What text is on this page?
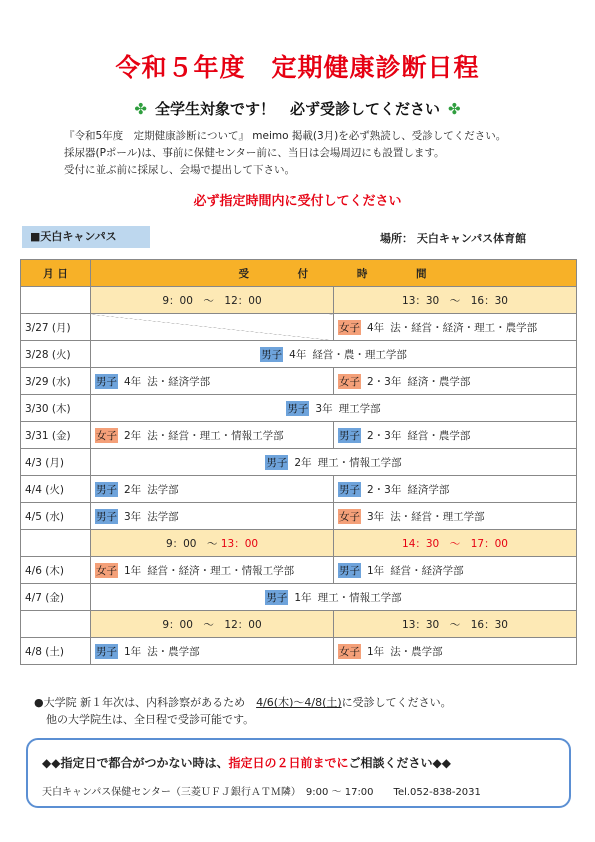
令和５年度　定期健康診断日程
✤ 全学生対象です！　必ず受診してください ✤
『令和5年度　定期健康診断について』 meimo 掲載(3月)を必ず熟読し、受診してください。
採尿器(Pポール)は、事前に保健センター前に、当日は会場周辺にも設置します。
受付に並ぶ前に採尿し、会場で提出して下さい。
必ず指定時間内に受付してください
■天白キャンパス	場所： 天白キャンパス体育館
月 日	受 付 時 間	

	9：00　～　12：00	13：30　～　16：30
3/27 (月)		女子 4年 法・経営・経済・理工・農学部
3/28 (火)	男子 4年 経営・農・理工学部	
3/29 (水)	男子 4年 法・経済学部	女子 2・3年 経済・農学部
3/30 (木)	男子 3年 理工学部	
3/31 (金)	女子 2年 法・経営・理工・情報工学部	男子 2・3年 経営・農学部
4/3 (月)	男子 2年 理工・情報工学部	
4/4 (火)	男子 2年 法学部	男子 2・3年 経済学部
4/5 (水)	男子 3年 法学部	女子 3年 法・経営・理工学部
	9：00　～ 13：00	14：30　～　17：00
4/6 (木)	女子 1年 経営・経済・理工・情報工学部	男子 1年 経営・経済学部
4/7 (金)	男子 1年 理工・情報工学部	
	9：00　～　12：00	13：30　～　16：30
4/8 (土)	男子 1年 法・農学部	女子 1年 法・農学部
●大学院 新１年次は、内科診察があるため　 4/6(木)～4/8(土)に受診してください。
他の大学院生は、全日程で受診可能です。
◆◆指定日で都合がつかない時は、指定日の２日前までにご相談ください◆◆
天白キャンパス保健センター（三菱ＵＦＪ銀行ＡＴＭ隣）　9:00 ～ 17:00　　Tel.052-838-2031
